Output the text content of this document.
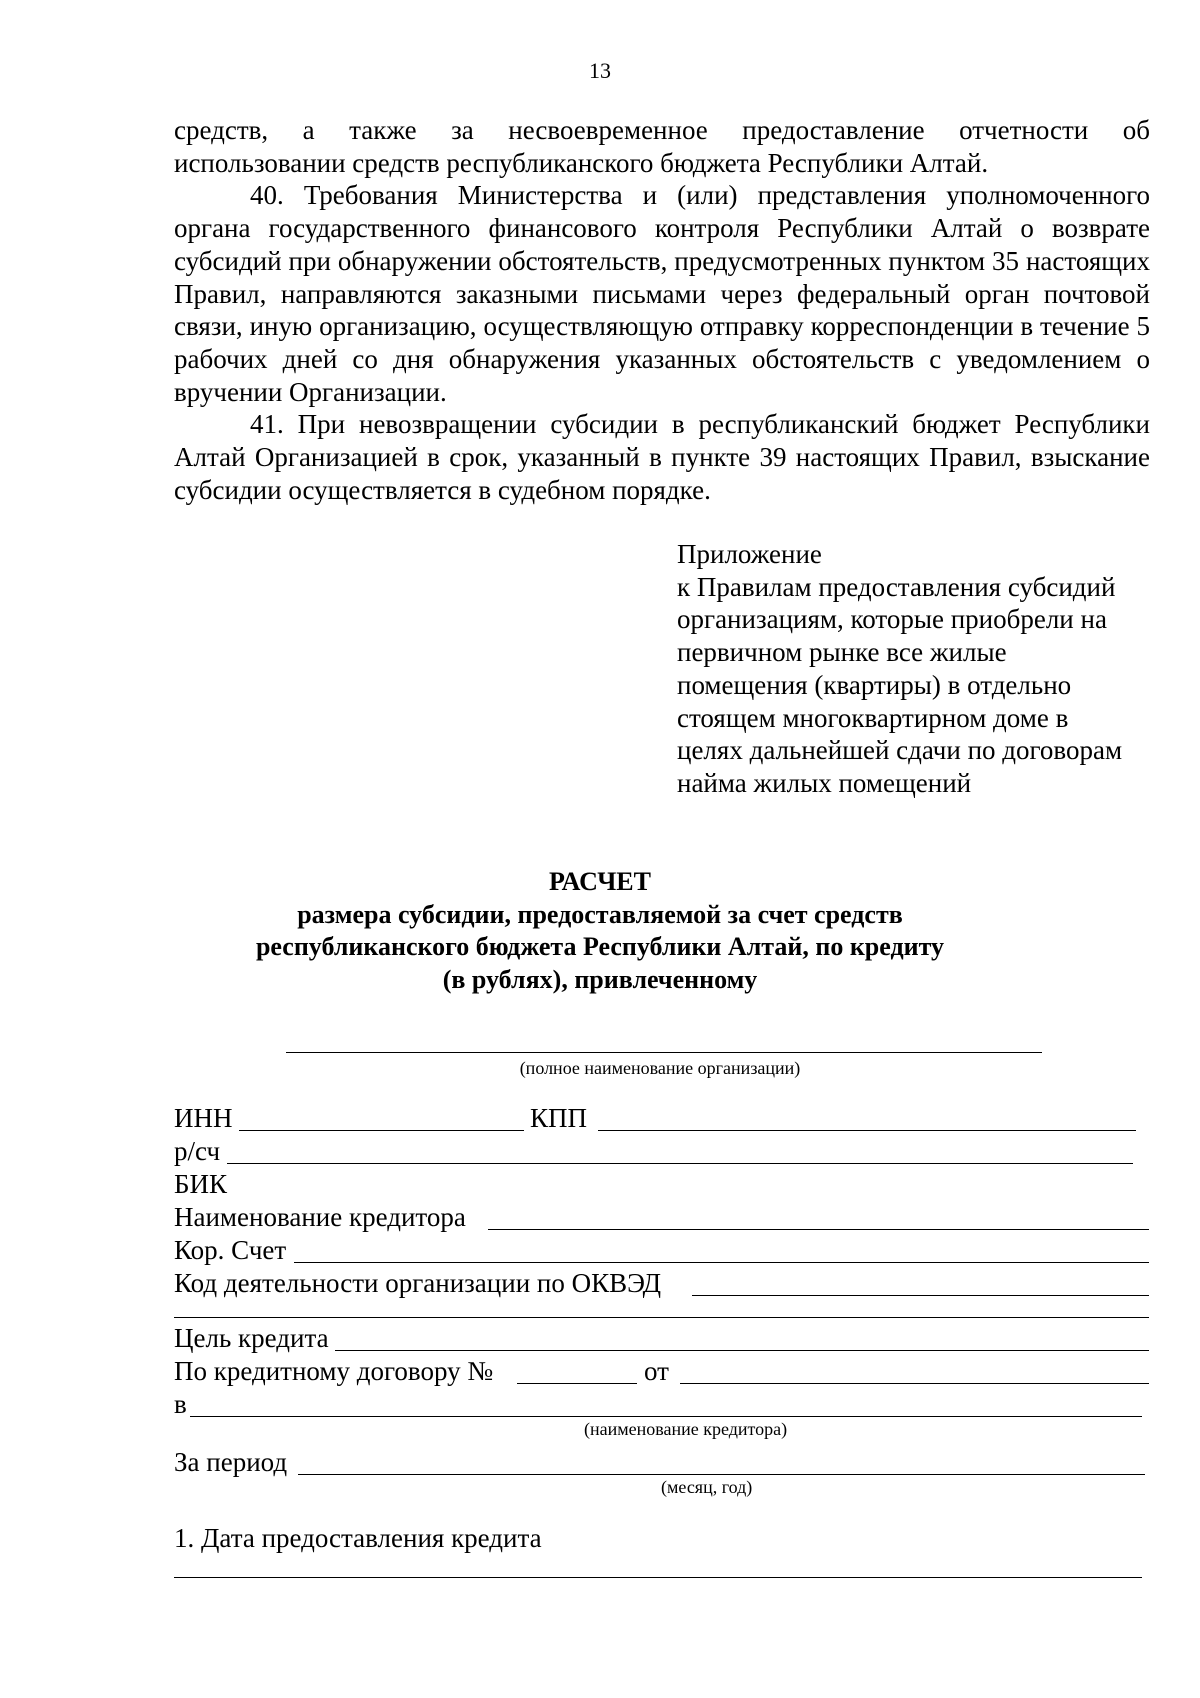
13

средств, а также за несвоевременное предоставление отчетности об

использовании средств республиканского бюджета Республики Алтай.

40. Требования Министерства и (или) представления уполномоченного органа государственного финансового контроля Республики Алтай о возврате субсидий при обнаружении обстоятельств, предусмотренных пунктом 35 настоящих Правил, направляются заказными письмами через федеральный орган почтовой связи, иную организацию, осуществляющую отправку корреспонденции в течение 5 рабочих дней со дня обнаружения указанных обстоятельств с уведомлением о вручении Организации.

41. При невозвращении субсидии в республиканский бюджет Республики Алтай Организацией в срок, указанный в пункте 39 настоящих Правил, взыскание субсидии осуществляется в судебном порядке.

Приложение
к Правилам предоставления субсидий
организациям, которые приобрели на
первичном рынке все жилые
помещения (квартиры) в отдельно
стоящем многоквартирном доме в
целях дальнейшей сдачи по договорам
найма жилых помещений
РАСЧЕТ
размера субсидии, предоставляемой за счет средств
республиканского бюджета Республики Алтай, по кредиту
(в рублях), привлеченному
(полное наименование организации)
ИНН	КПП
р/сч
БИК
Наименование кредитора
Кор. Счет
Код деятельности организации по ОКВЭД
Цель кредита
По кредитному договору №	от
в
(наименование кредитора)
За период
(месяц, год)
1. Дата предоставления кредита
